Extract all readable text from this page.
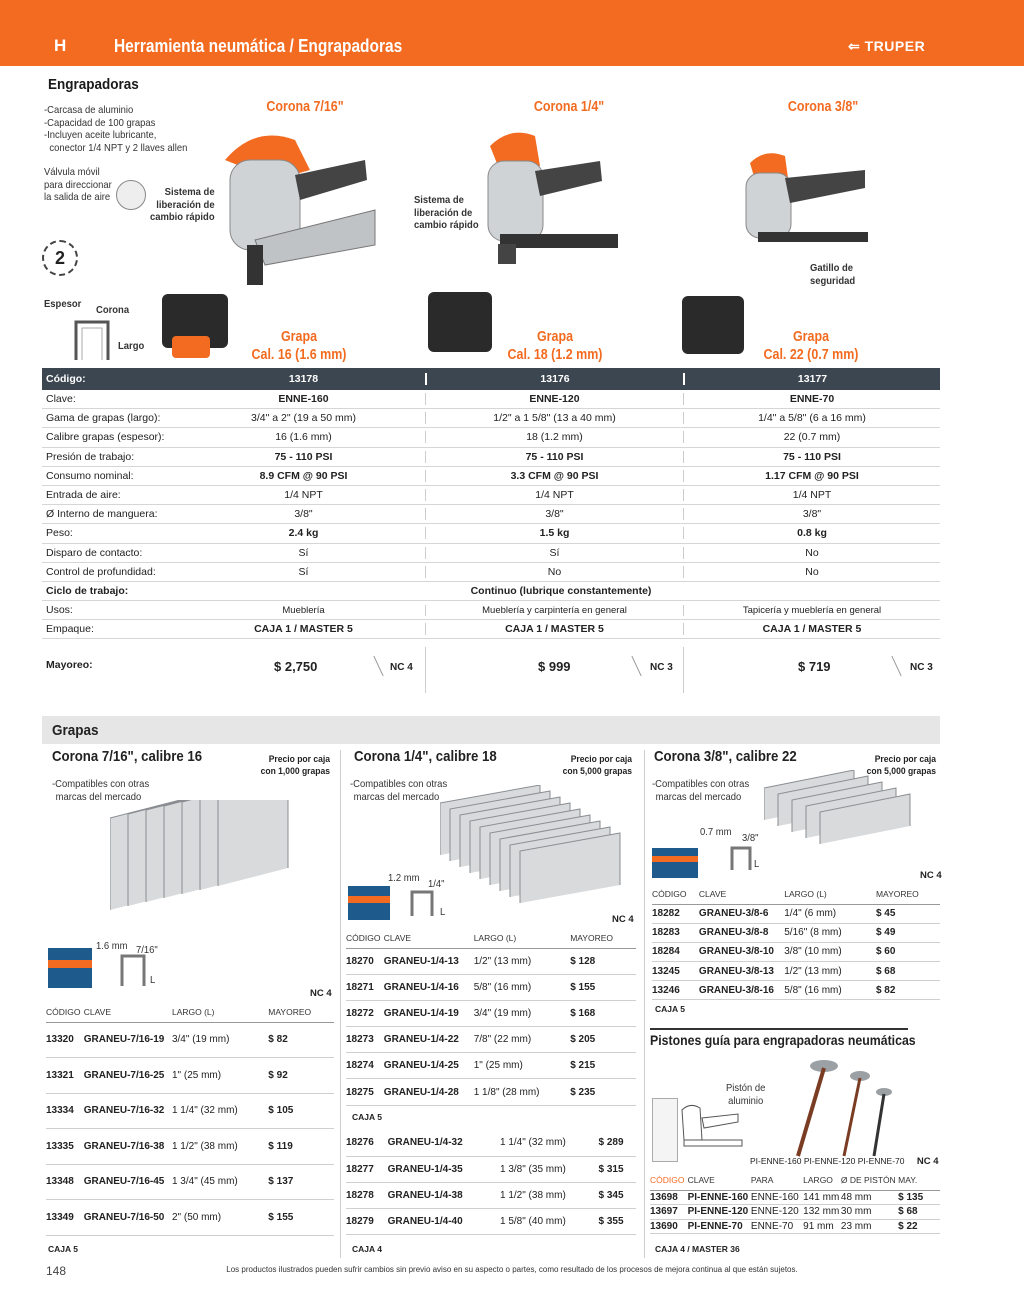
H	Herramienta neumática / Engrapadoras	⇐ TRUPER
Engrapadoras
-Carcasa de aluminio
-Capacidad de 100 grapas
-Incluyen aceite lubricante,
conector 1/4 NPT y 2 llaves allen
Válvula móvil
para direccionar
la salida de aire
2
Sistema de
liberación de
cambio rápido
Sistema de
liberación de
cambio rápido
Gatillo de
seguridad
Corona 7/16"	Corona 1/4"	Corona 3/8"
Espesor Corona
Largo
Grapa
Cal. 16 (1.6 mm)
Grapa
Cal. 18 (1.2 mm)
Grapa
Cal. 22 (0.7 mm)
Código:	13178	13176	13177
Clave:	ENNE-160	ENNE-120	ENNE-70
Gama de grapas (largo):	3/4" a 2" (19 a 50 mm)	1/2" a 1 5/8" (13 a 40 mm)	1/4" a 5/8" (6 a 16 mm)
Calibre grapas (espesor):	16 (1.6 mm)	18 (1.2 mm)	22 (0.7 mm)
Presión de trabajo:	75 - 110 PSI	75 - 110 PSI	75 - 110 PSI
Consumo nominal:	8.9 CFM @ 90 PSI	3.3 CFM @ 90 PSI	1.17 CFM @ 90 PSI
Entrada de aire:	1/4 NPT	1/4 NPT	1/4 NPT
Ø Interno de manguera:	3/8"	3/8"	3/8"
Peso:	2.4 kg	1.5 kg	0.8 kg
Disparo de contacto:	Sí	Sí	No
Control de profundidad:	Sí	No	No
Ciclo de trabajo:	Continuo (lubrique constantemente)
Usos:	Mueblería	Mueblería y carpintería en general	Tapicería y mueblería en general
Empaque:	CAJA 1 / MASTER 5	CAJA 1 / MASTER 5	CAJA 1 / MASTER 5
Mayoreo:	$ 2,750	NC 4	$ 999	NC 3	$ 719	NC 3
Grapas
Corona 7/16", calibre 16	Precio por caja
con 1,000 grapas
-Compatibles con otras
marcas del mercado
1.6 mm 7/16"
L
NC 4
CÓDIGO	CLAVE	LARGO (L)	MAYOREO
13320	GRANEU-7/16-19	3/4" (19 mm)	$ 82
13321	GRANEU-7/16-25	1" (25 mm)	$ 92
13334	GRANEU-7/16-32	1 1/4" (32 mm)	$ 105
13335	GRANEU-7/16-38	1 1/2" (38 mm)	$ 119
13348	GRANEU-7/16-45	1 3/4" (45 mm)	$ 137
13349	GRANEU-7/16-50	2" (50 mm)	$ 155
CAJA 5
Corona 1/4", calibre 18	Precio por caja
con 5,000 grapas
-Compatibles con otras
marcas del mercado
1.2 mm 1/4"
L
NC 4
CÓDIGO	CLAVE	LARGO (L)	MAYOREO
18270	GRANEU-1/4-13	1/2" (13 mm)	$ 128
18271	GRANEU-1/4-16	5/8" (16 mm)	$ 155
18272	GRANEU-1/4-19	3/4" (19 mm)	$ 168
18273	GRANEU-1/4-22	7/8" (22 mm)	$ 205
18274	GRANEU-1/4-25	1" (25 mm)	$ 215
18275	GRANEU-1/4-28	1 1/8" (28 mm)	$ 235
CAJA 5
18276	GRANEU-1/4-32	1 1/4" (32 mm)	$ 289
18277	GRANEU-1/4-35	1 3/8" (35 mm)	$ 315
18278	GRANEU-1/4-38	1 1/2" (38 mm)	$ 345
18279	GRANEU-1/4-40	1 5/8" (40 mm)	$ 355
CAJA 4
Corona 3/8", calibre 22	Precio por caja
con 5,000 grapas
-Compatibles con otras
marcas del mercado
0.7 mm 3/8"
L
NC 4
CÓDIGO	CLAVE	LARGO (L)	MAYOREO
18282	GRANEU-3/8-6	1/4" (6 mm)	$ 45
18283	GRANEU-3/8-8	5/16" (8 mm)	$ 49
18284	GRANEU-3/8-10	3/8" (10 mm)	$ 60
13245	GRANEU-3/8-13	1/2" (13 mm)	$ 68
13246	GRANEU-3/8-16	5/8" (16 mm)	$ 82
CAJA 5
Pistones guía para engrapadoras neumáticas
Pistón de
aluminio
PI-ENNE-160 PI-ENNE-120 PI-ENNE-70 NC 4
CÓDIGO	CLAVE	PARA	LARGO	Ø DE PISTÓN	MAY.
13698	PI-ENNE-160	ENNE-160	141 mm	48 mm	$ 135
13697	PI-ENNE-120	ENNE-120	132 mm	30 mm	$ 68
13690	PI-ENNE-70	ENNE-70	91 mm	23 mm	$ 22
CAJA 4 / MASTER 36
148	Los productos ilustrados pueden sufrir cambios sin previo aviso en su aspecto o partes, como resultado de los procesos de mejora continua al que están sujetos.
